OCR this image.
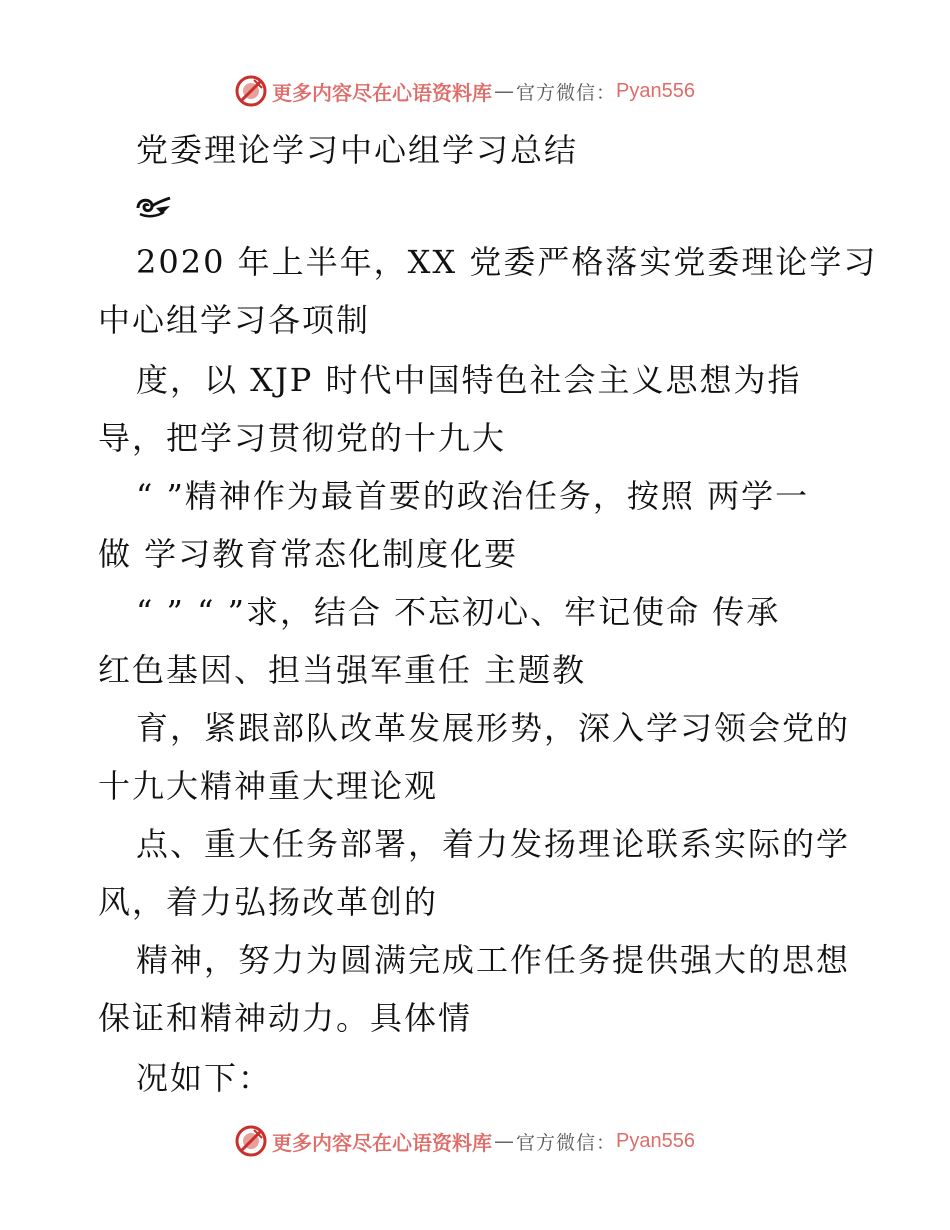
更多内容尽在心语资料库 — 官方微信： Pyan556
党委理论学习中心组学习总结
2020 年上半年，XX 党委严格落实党委理论学习
中心组学习各项制
度，以 XJP 时代中国特色社会主义思想为指
导，把学习贯彻党的十九大
“ ”精神作为最首要的政治任务，按照 两学一
做 学习教育常态化制度化要
“ ” “ ”求，结合 不忘初心、牢记使命 传承
红色基因、担当强军重任 主题教
育，紧跟部队改革发展形势，深入学习领会党的
十九大精神重大理论观
点、重大任务部署，着力发扬理论联系实际的学
风，着力弘扬改革创的
精神，努力为圆满完成工作任务提供强大的思想
保证和精神动力。具体情
况如下：
更多内容尽在心语资料库 — 官方微信： Pyan556
